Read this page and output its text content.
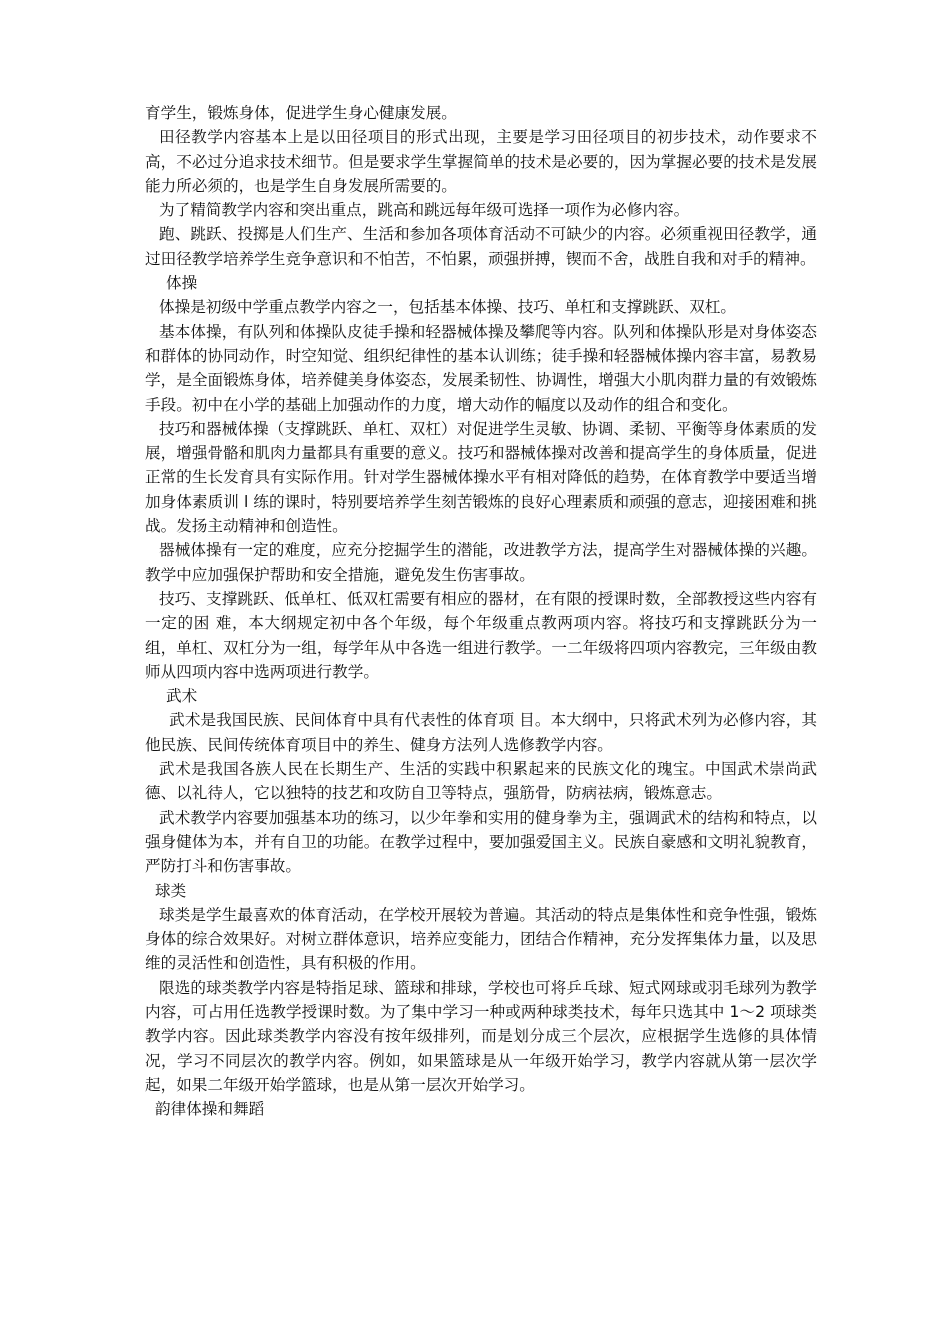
育学生，锻炼身体，促进学生身心健康发展。

田径教学内容基本上是以田径项目的形式出现，主要是学习田径项目的初步技术，动作要求不高，不必过分追求技术细节。但是要求学生掌握简单的技术是必要的，因为掌握必要的技术是发展能力所必须的，也是学生自身发展所需要的。

为了精简教学内容和突出重点，跳高和跳远每年级可选择一项作为必修内容。

跑、跳跃、投掷是人们生产、生活和参加各项体育活动不可缺少的内容。必须重视田径教学，通过田径教学培养学生竞争意识和不怕苦，不怕累，顽强拼搏，锲而不舍，战胜自我和对手的精神。

体操

体操是初级中学重点教学内容之一，包括基本体操、技巧、单杠和支撑跳跃、双杠。

基本体操，有队列和体操队皮徒手操和轻器械体操及攀爬等内容。队列和体操队形是对身体姿态和群体的协同动作，时空知觉、组织纪律性的基本认训练；徒手操和轻器械体操内容丰富，易教易学，是全面锻炼身体，培养健美身体姿态，发展柔韧性、协调性，增强大小肌肉群力量的有效锻炼手段。初中在小学的基础上加强动作的力度，增大动作的幅度以及动作的组合和变化。

技巧和器械体操（支撑跳跃、单杠、双杠）对促进学生灵敏、协调、柔韧、平衡等身体素质的发展，增强骨骼和肌肉力量都具有重要的意义。技巧和器械体操对改善和提高学生的身体质量，促进正常的生长发育具有实际作用。针对学生器械体操水平有相对降低的趋势，在体育教学中要适当增加身体素质训 l 练的课时，特别要培养学生刻苦锻炼的良好心理素质和顽强的意志，迎接困难和挑战。发扬主动精神和创造性。

器械体操有一定的难度，应充分挖掘学生的潜能，改进教学方法，提高学生对器械体操的兴趣。教学中应加强保护帮助和安全措施，避免发生伤害事故。

技巧、支撑跳跃、低单杠、低双杠需要有相应的器材，在有限的授课时数，全部教授这些内容有一定的困 难，本大纲规定初中各个年级，每个年级重点教两项内容。将技巧和支撑跳跃分为一组，单杠、双杠分为一组，每学年从中各选一组进行教学。一二年级将四项内容教完，三年级由教师从四项内容中选两项进行教学。

武术

武术是我国民族、民间体育中具有代表性的体育项 目。本大纲中，只将武术列为必修内容，其他民族、民间传统体育项目中的养生、健身方法列人选修教学内容。

武术是我国各族人民在长期生产、生活的实践中积累起来的民族文化的瑰宝。中国武术崇尚武德、以礼待人，它以独特的技艺和攻防自卫等特点，强筋骨，防病祛病，锻炼意志。

武术教学内容要加强基本功的练习，以少年拳和实用的健身拳为主，强调武术的结构和特点，以强身健体为本，并有自卫的功能。在教学过程中，要加强爱国主义。民族自豪感和文明礼貌教育，严防打斗和伤害事故。

球类

球类是学生最喜欢的体育活动，在学校开展较为普遍。其活动的特点是集体性和竞争性强，锻炼身体的综合效果好。对树立群体意识，培养应变能力，团结合作精神，充分发挥集体力量，以及思维的灵活性和创造性，具有积极的作用。

限选的球类教学内容是特指足球、篮球和排球，学校也可将乒乓球、短式网球或羽毛球列为教学内容，可占用任选教学授课时数。为了集中学习一种或两种球类技术，每年只选其中 1～2 项球类教学内容。因此球类教学内容没有按年级排列，而是划分成三个层次，应根据学生选修的具体情况，学习不同层次的教学内容。例如，如果篮球是从一年级开始学习，教学内容就从第一层次学起，如果二年级开始学篮球，也是从第一层次开始学习。

韵律体操和舞蹈
